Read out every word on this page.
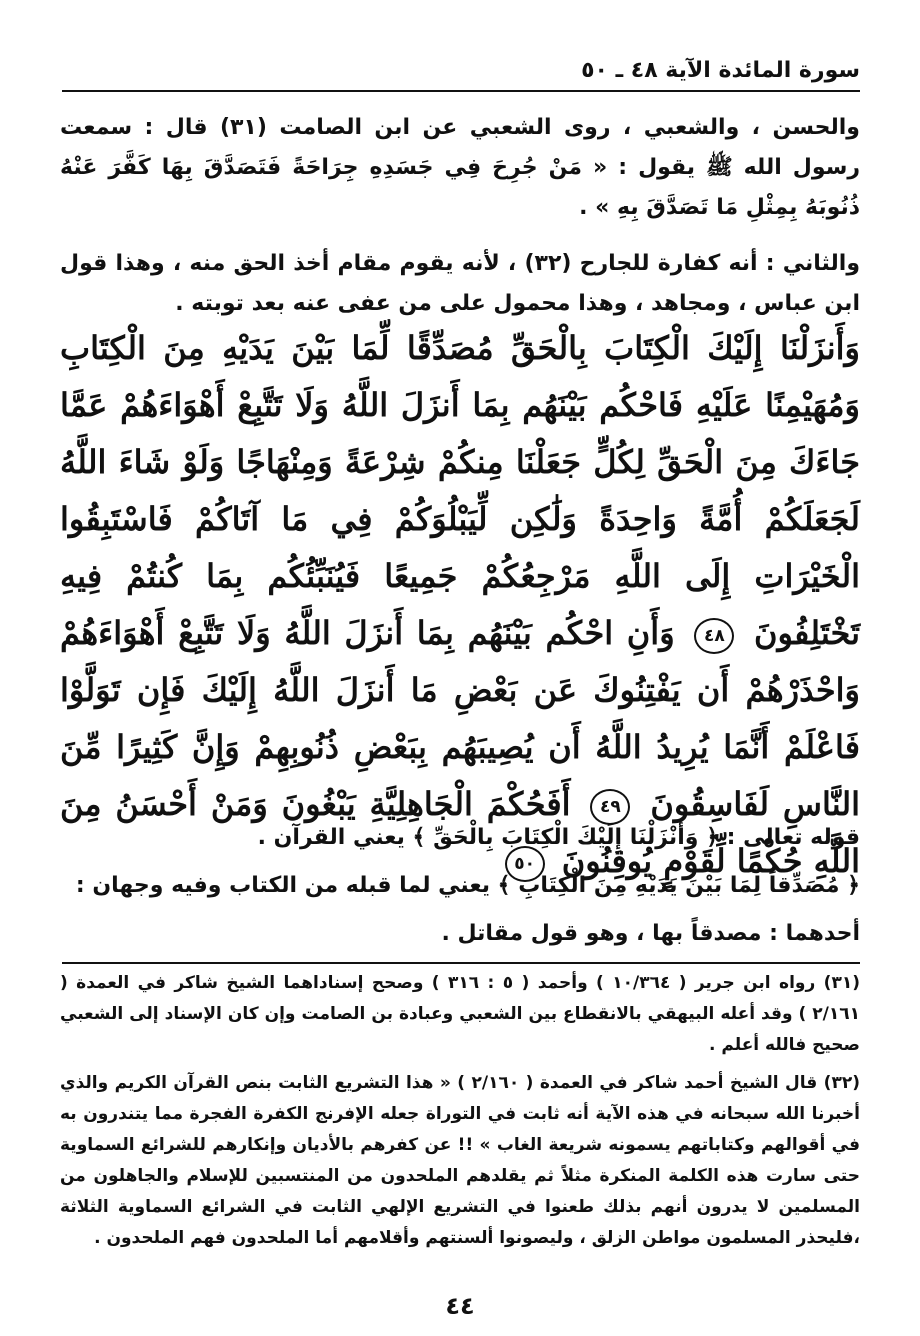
سورة المائدة الآية ٤٨ ـ ٥٠
والحسن ، والشعبي ، روى الشعبي عن ابن الصامت (٣١) قال : سمعت رسول الله ﷺ يقول : « مَنْ جُرِحَ فِي جَسَدِهِ جِرَاحَةً فَتَصَدَّقَ بِهَا كَفَّرَ عَنْهُ ذُنُوبَهُ بِمِثْلِ مَا تَصَدَّقَ بِهِ » .
والثاني : أنه كفارة للجارح (٣٢) ، لأنه يقوم مقام أخذ الحق منه ، وهذا قول ابن عباس ، ومجاهد ، وهذا محمول على من عفى عنه بعد توبته .
وَأَنزَلْنَا إِلَيْكَ الْكِتَابَ بِالْحَقِّ مُصَدِّقًا لِّمَا بَيْنَ يَدَيْهِ مِنَ الْكِتَابِ وَمُهَيْمِنًا عَلَيْهِ فَاحْكُم بَيْنَهُم بِمَا أَنزَلَ اللَّهُ وَلَا تَتَّبِعْ أَهْوَاءَهُمْ عَمَّا جَاءَكَ مِنَ الْحَقِّ لِكُلٍّ جَعَلْنَا مِنكُمْ شِرْعَةً وَمِنْهَاجًا وَلَوْ شَاءَ اللَّهُ لَجَعَلَكُمْ أُمَّةً وَاحِدَةً وَلَٰكِن لِّيَبْلُوَكُمْ فِي مَا آتَاكُمْ فَاسْتَبِقُوا الْخَيْرَاتِ إِلَى اللَّهِ مَرْجِعُكُمْ جَمِيعًا فَيُنَبِّئُكُم بِمَا كُنتُمْ فِيهِ تَخْتَلِفُونَ ٤٨ وَأَنِ احْكُم بَيْنَهُم بِمَا أَنزَلَ اللَّهُ وَلَا تَتَّبِعْ أَهْوَاءَهُمْ وَاحْذَرْهُمْ أَن يَفْتِنُوكَ عَن بَعْضِ مَا أَنزَلَ اللَّهُ إِلَيْكَ فَإِن تَوَلَّوْا فَاعْلَمْ أَنَّمَا يُرِيدُ اللَّهُ أَن يُصِيبَهُم بِبَعْضِ ذُنُوبِهِمْ وَإِنَّ كَثِيرًا مِّنَ النَّاسِ لَفَاسِقُونَ ٤٩ أَفَحُكْمَ الْجَاهِلِيَّةِ يَبْغُونَ وَمَنْ أَحْسَنُ مِنَ اللَّهِ حُكْمًا لِّقَوْمٍ يُوقِنُونَ ٥٠
قوله تعالى : ﴿ وَأَنْزَلْنَا إِلَيْكَ الْكِتَابَ بِالْحَقِّ ﴾ يعني القرآن .
﴿ مُصَدِّقاً لِمَا بَيْنَ يَدَيْهِ مِنَ الْكِتَابِ ﴾ يعني لما قبله من الكتاب وفيه وجهان :
أحدهما : مصدقاً بها ، وهو قول مقاتل .
(٣١) رواه ابن جرير ( ١٠/٣٦٤ ) وأحمد ( ٥ : ٣١٦ ) وصحح إسناداهما الشيخ شاكر في العمدة ( ٢/١٦١ ) وقد أعله البيهقي بالانقطاع بين الشعبي وعبادة بن الصامت وإن كان الإسناد إلى الشعبي صحيح فالله أعلم .
(٣٢) قال الشيخ أحمد شاكر في العمدة ( ٢/١٦٠ ) « هذا التشريع الثابت بنص القرآن الكريم والذي أخبرنا الله سبحانه في هذه الآية أنه ثابت في التوراة جعله الإفرنج الكفرة الفجرة مما يتندرون به في أقوالهم وكتاباتهم يسمونه شريعة الغاب » !! عن كفرهم بالأديان وإنكارهم للشرائع السماوية حتى سارت هذه الكلمة المنكرة مثلاً ثم يقلدهم الملحدون من المنتسبين للإسلام والجاهلون من المسلمين لا يدرون أنهم بذلك طعنوا في التشريع الإلهي الثابت في الشرائع السماوية الثلاثة ،فليحذر المسلمون مواطن الزلق ، وليصونوا ألسنتهم وأقلامهم أما الملحدون فهم الملحدون .
٤٤
